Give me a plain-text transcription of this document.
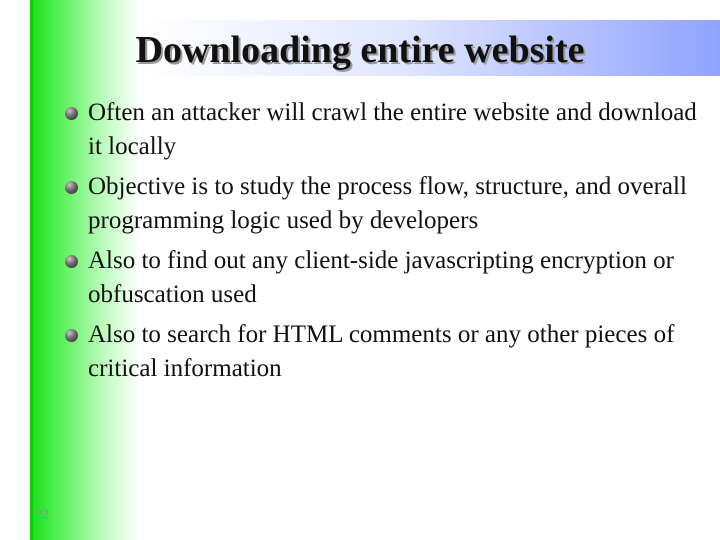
Downloading entire website
Often an attacker will crawl the entire website and download it locally
Objective is to study the process flow, structure, and overall programming logic used by developers
Also to find out any client-side javascripting encryption or obfuscation used
Also to search for HTML comments or any other pieces of critical information
22
